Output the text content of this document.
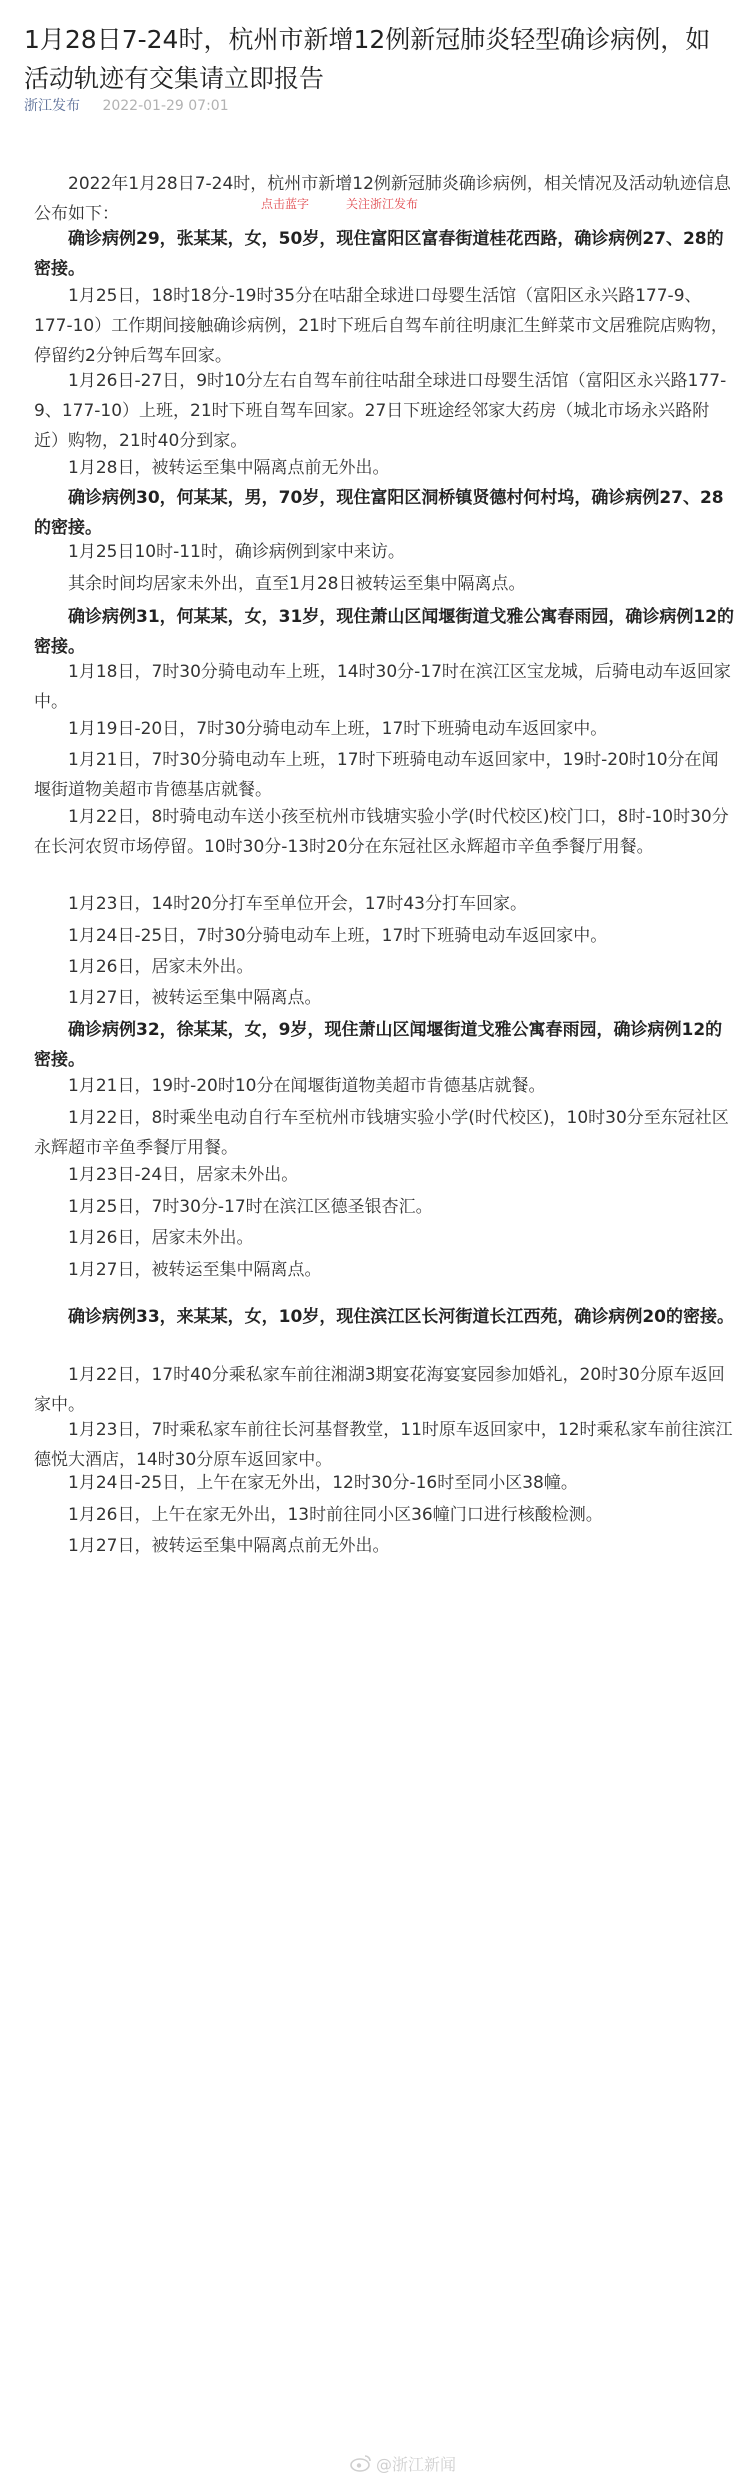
1月28日7-24时，杭州市新增12例新冠肺炎轻型确诊病例，如活动轨迹有交集请立即报告
浙江发布 2022-01-29 07:01
点击蓝字	关注浙江发布

2022年1月28日7-24时，杭州市新增12例新冠肺炎确诊病例，相关情况及活动轨迹信息公布如下：

确诊病例29，张某某，女，50岁，现住富阳区富春街道桂花西路，确诊病例27、28的密接。

1月25日，18时18分-19时35分在咕甜全球进口母婴生活馆（富阳区永兴路177-9、177-10）工作期间接触确诊病例，21时下班后自驾车前往明康汇生鲜菜市文居雅院店购物，停留约2分钟后驾车回家。

1月26日-27日，9时10分左右自驾车前往咕甜全球进口母婴生活馆（富阳区永兴路177-9、177-10）上班，21时下班自驾车回家。27日下班途经邻家大药房（城北市场永兴路附近）购物，21时40分到家。

1月28日，被转运至集中隔离点前无外出。

确诊病例30，何某某，男，70岁，现住富阳区洞桥镇贤德村何村坞，确诊病例27、28的密接。

1月25日10时-11时，确诊病例到家中来访。

其余时间均居家未外出，直至1月28日被转运至集中隔离点。

确诊病例31，何某某，女，31岁，现住萧山区闻堰街道戈雅公寓春雨园，确诊病例12的密接。

1月18日，7时30分骑电动车上班，14时30分-17时在滨江区宝龙城，后骑电动车返回家中。

1月19日-20日，7时30分骑电动车上班，17时下班骑电动车返回家中。

1月21日，7时30分骑电动车上班，17时下班骑电动车返回家中，19时-20时10分在闻堰街道物美超市肯德基店就餐。

1月22日，8时骑电动车送小孩至杭州市钱塘实验小学(时代校区)校门口，8时-10时30分在长河农贸市场停留。10时30分-13时20分在东冠社区永辉超市辛鱼季餐厅用餐。

1月23日，14时20分打车至单位开会，17时43分打车回家。

1月24日-25日，7时30分骑电动车上班，17时下班骑电动车返回家中。

1月26日，居家未外出。

1月27日，被转运至集中隔离点。

确诊病例32，徐某某，女，9岁，现住萧山区闻堰街道戈雅公寓春雨园，确诊病例12的密接。

1月21日，19时-20时10分在闻堰街道物美超市肯德基店就餐。

1月22日，8时乘坐电动自行车至杭州市钱塘实验小学(时代校区)，10时30分至东冠社区永辉超市辛鱼季餐厅用餐。

1月23日-24日，居家未外出。

1月25日，7时30分-17时在滨江区德圣银杏汇。

1月26日，居家未外出。

1月27日，被转运至集中隔离点。

确诊病例33，来某某，女，10岁，现住滨江区长河街道长江西苑，确诊病例20的密接。

1月22日，17时40分乘私家车前往湘湖3期宴花海宴宴园参加婚礼，20时30分原车返回家中。

1月23日，7时乘私家车前往长河基督教堂，11时原车返回家中，12时乘私家车前往滨江德悦大酒店，14时30分原车返回家中。

1月24日-25日，上午在家无外出，12时30分-16时至同小区38幢。

1月26日，上午在家无外出，13时前往同小区36幢门口进行核酸检测。

1月27日，被转运至集中隔离点前无外出。

@浙江新闻
